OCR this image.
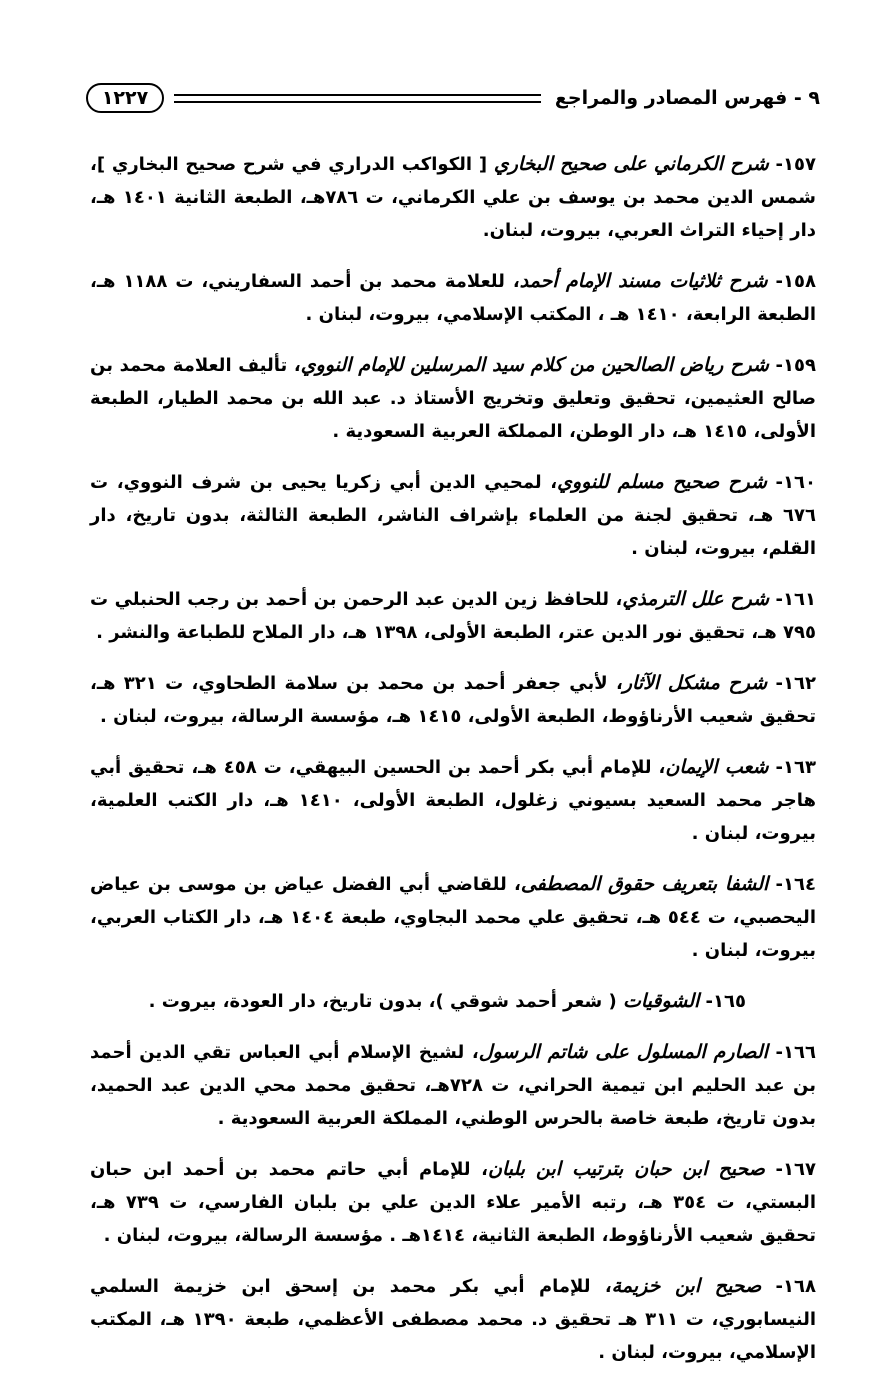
٩ - فهرس المصادر والمراجع
١٢٢٧

١٥٧- شرح الكرماني على صحيح البخاري [ الكواكب الدراري في شرح صحيح البخاري ]، شمس الدين محمد بن يوسف بن علي الكرماني، ت ٧٨٦هـ، الطبعة الثانية ١٤٠١ هـ، دار إحياء التراث العربي، بيروت، لبنان.

١٥٨- شرح ثلاثيات مسند الإمام أحمد، للعلامة محمد بن أحمد السفاريني، ت ١١٨٨ هـ، الطبعة الرابعة، ١٤١٠ هـ ، المكتب الإسلامي، بيروت، لبنان .

١٥٩- شرح رياض الصالحين من كلام سيد المرسلين للإمام النووي، تأليف العلامة محمد بن صالح العثيمين، تحقيق وتعليق وتخريج الأستاذ د. عبد الله بن محمد الطيار، الطبعة الأولى، ١٤١٥ هـ، دار الوطن، المملكة العربية السعودية .

١٦٠- شرح صحيح مسلم للنووي، لمحيي الدين أبي زكريا يحيى بن شرف النووي، ت ٦٧٦ هـ، تحقيق لجنة من العلماء بإشراف الناشر، الطبعة الثالثة، بدون تاريخ، دار القلم، بيروت، لبنان .

١٦١- شرح علل الترمذي، للحافظ زين الدين عبد الرحمن بن أحمد بن رجب الحنبلي ت ٧٩٥ هـ، تحقيق نور الدين عتر، الطبعة الأولى، ١٣٩٨ هـ، دار الملاح للطباعة والنشر .

١٦٢- شرح مشكل الآثار، لأبي جعفر أحمد بن محمد بن سلامة الطحاوي، ت ٣٢١ هـ، تحقيق شعيب الأرناؤوط، الطبعة الأولى، ١٤١٥ هـ، مؤسسة الرسالة، بيروت، لبنان .

١٦٣- شعب الإيمان، للإمام أبي بكر أحمد بن الحسين البيهقي، ت ٤٥٨ هـ، تحقيق أبي هاجر محمد السعيد بسيوني زغلول، الطبعة الأولى، ١٤١٠ هـ، دار الكتب العلمية، بيروت، لبنان .

١٦٤- الشفا بتعريف حقوق المصطفى، للقاضي أبي الفضل عياض بن موسى بن عياض اليحصبي، ت ٥٤٤ هـ، تحقيق علي محمد البجاوي، طبعة ١٤٠٤ هـ، دار الكتاب العربي، بيروت، لبنان .

١٦٥- الشوقيات ( شعر أحمد شوقي )، بدون تاريخ، دار العودة، بيروت .

١٦٦- الصارم المسلول على شاتم الرسول، لشيخ الإسلام أبي العباس تقي الدين أحمد بن عبد الحليم ابن تيمية الحراني، ت ٧٢٨هـ، تحقيق محمد محي الدين عبد الحميد، بدون تاريخ، طبعة خاصة بالحرس الوطني، المملكة العربية السعودية .

١٦٧- صحيح ابن حبان بترتيب ابن بلبان، للإمام أبي حاتم محمد بن أحمد ابن حبان البستي، ت ٣٥٤ هـ، رتبه الأمير علاء الدين علي بن بلبان الفارسي، ت ٧٣٩ هـ، تحقيق شعيب الأرناؤوط، الطبعة الثانية، ١٤١٤هـ . مؤسسة الرسالة، بيروت، لبنان .

١٦٨- صحيح ابن خزيمة، للإمام أبي بكر محمد بن إسحق ابن خزيمة السلمي النيسابوري، ت ٣١١ هـ تحقيق د. محمد مصطفى الأعظمي، طبعة ١٣٩٠ هـ، المكتب الإسلامي، بيروت، لبنان .
